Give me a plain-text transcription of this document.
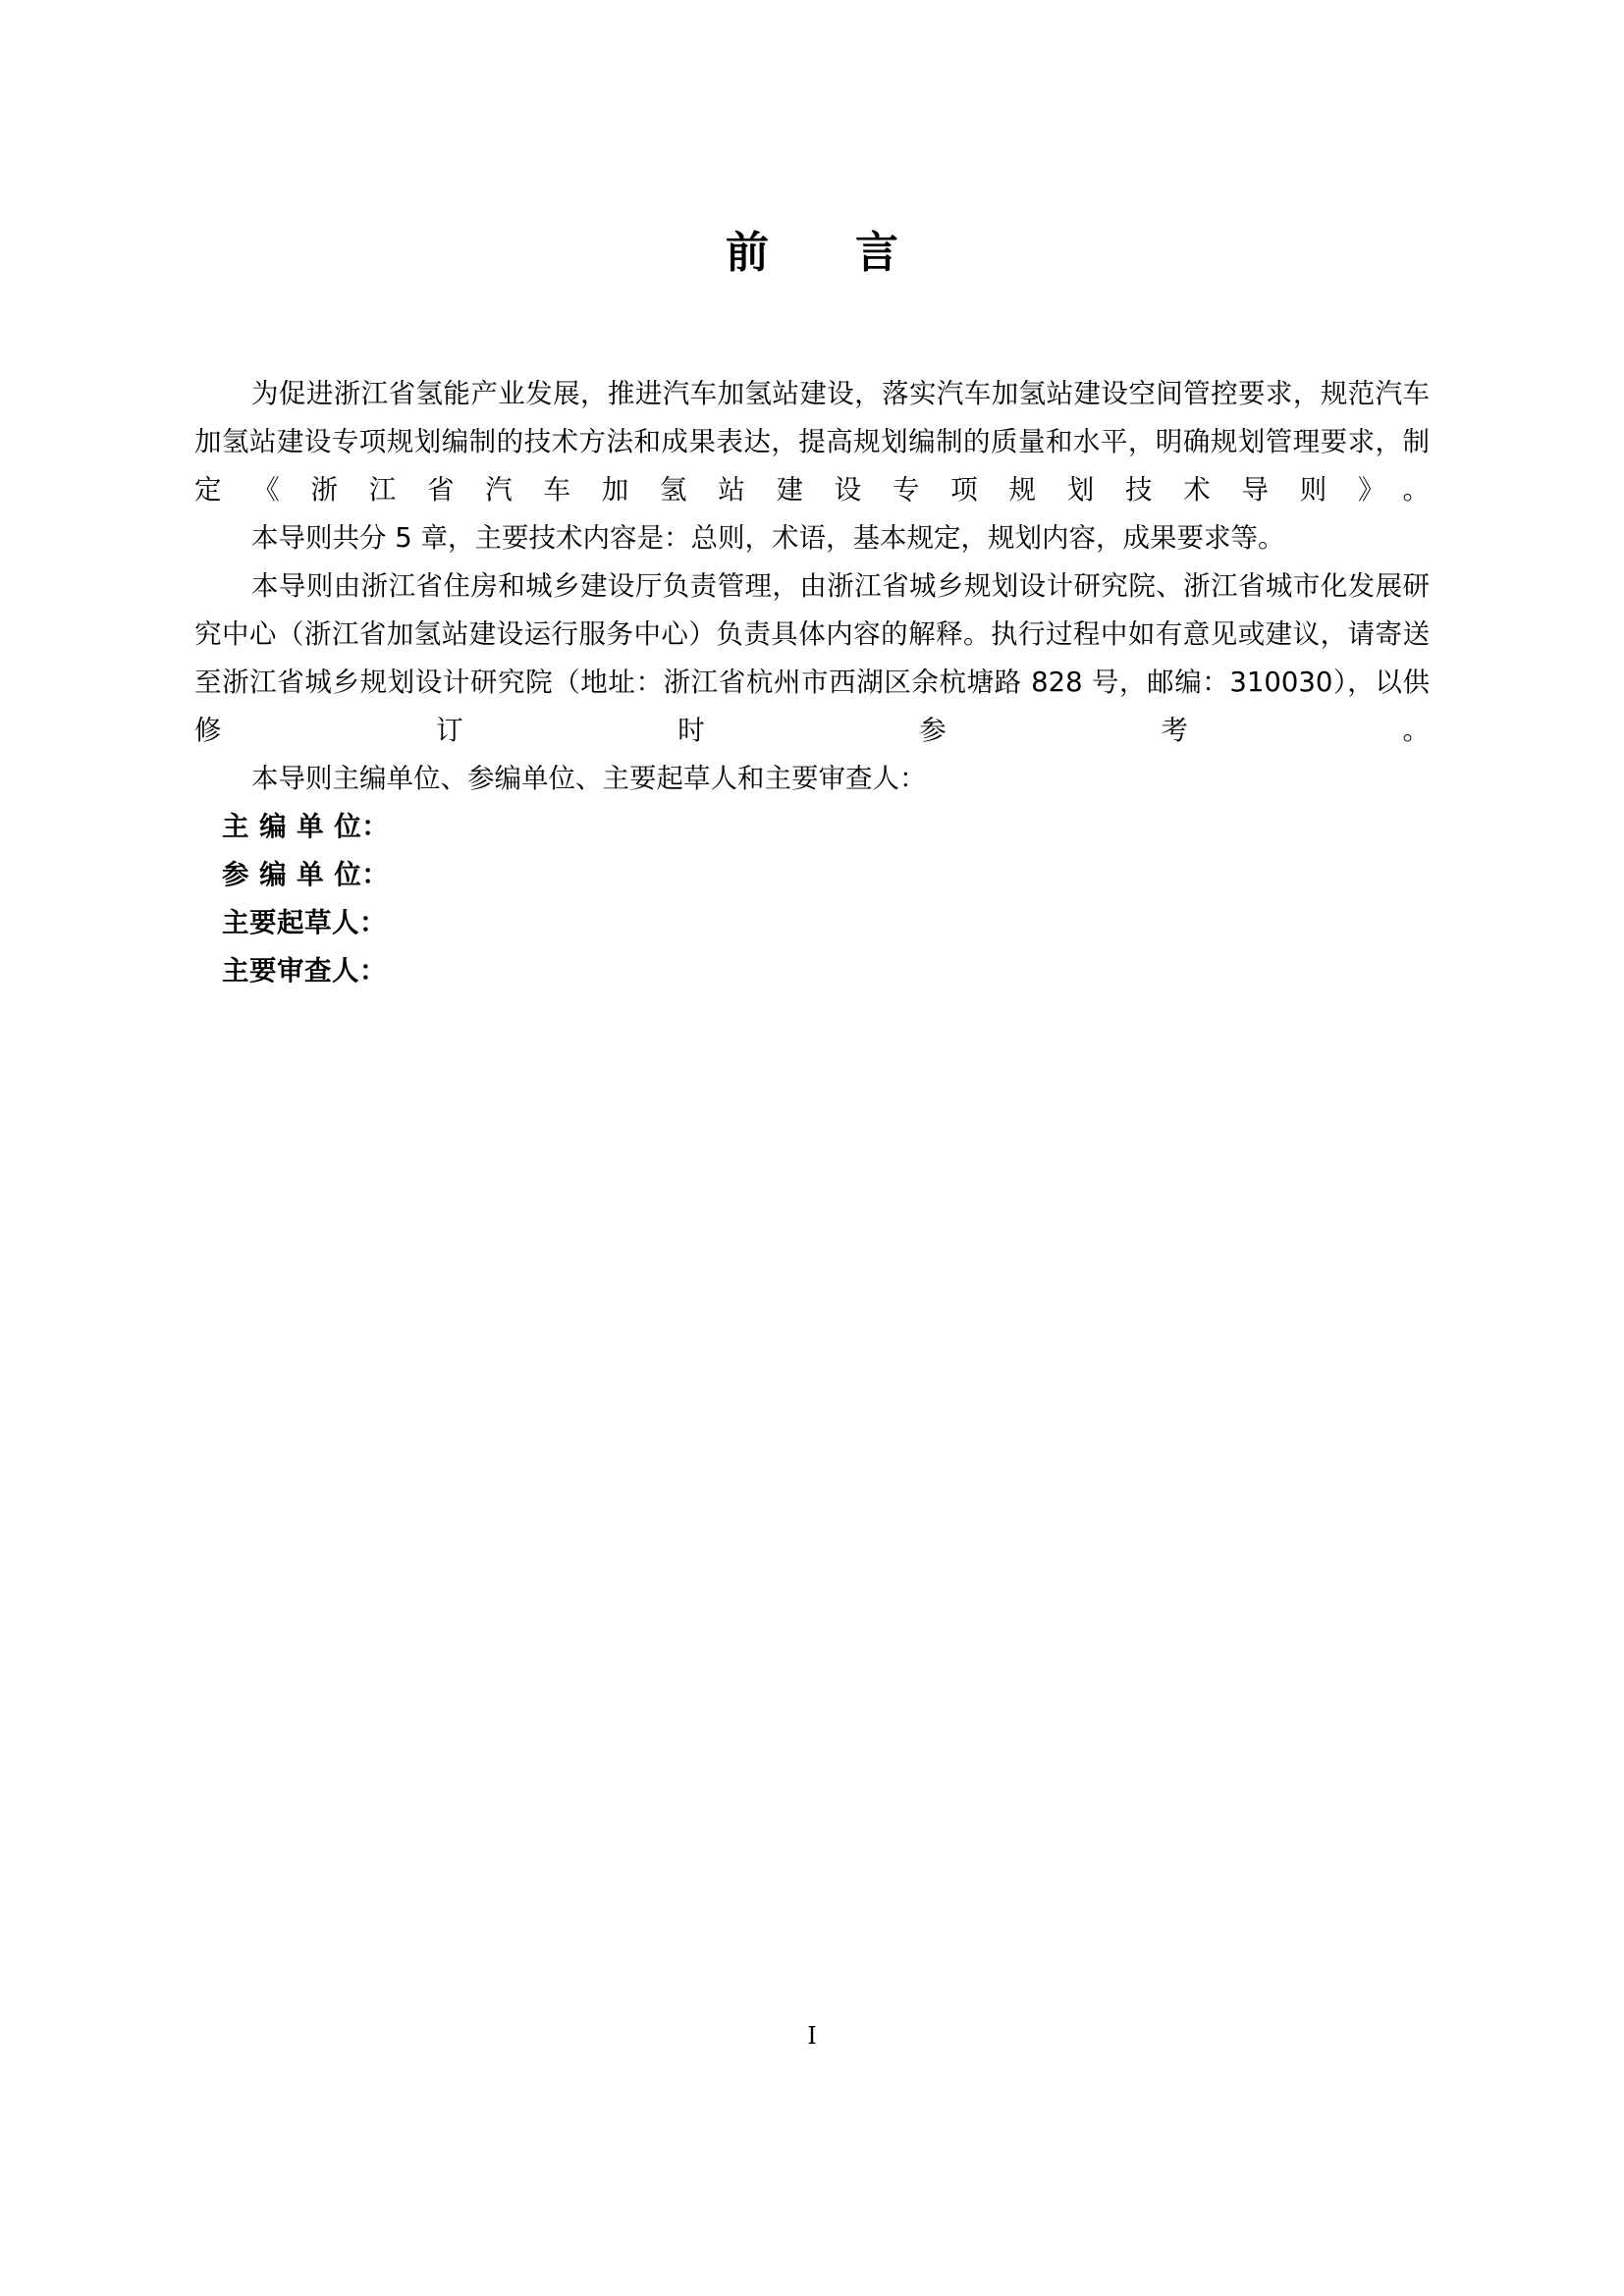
前　言

为促进浙江省氢能产业发展，推进汽车加氢站建设，落实汽车加氢站建设空间管控要求，规范汽车加氢站建设专项规划编制的技术方法和成果表达，提高规划编制的质量和水平，明确规划管理要求，制定《浙江省汽车加氢站建设专项规划技术导则》。

本导则共分 5 章，主要技术内容是：总则，术语，基本规定，规划内容，成果要求等。

本导则由浙江省住房和城乡建设厅负责管理，由浙江省城乡规划设计研究院、浙江省城市化发展研究中心（浙江省加氢站建设运行服务中心）负责具体内容的解释。执行过程中如有意见或建议，请寄送至浙江省城乡规划设计研究院（地址：浙江省杭州市西湖区余杭塘路 828 号，邮编：310030），以供修订时参考。

本导则主编单位、参编单位、主要起草人和主要审查人：

主 编 单 位：

参 编 单 位：

主要起草人：

主要审查人：

I
